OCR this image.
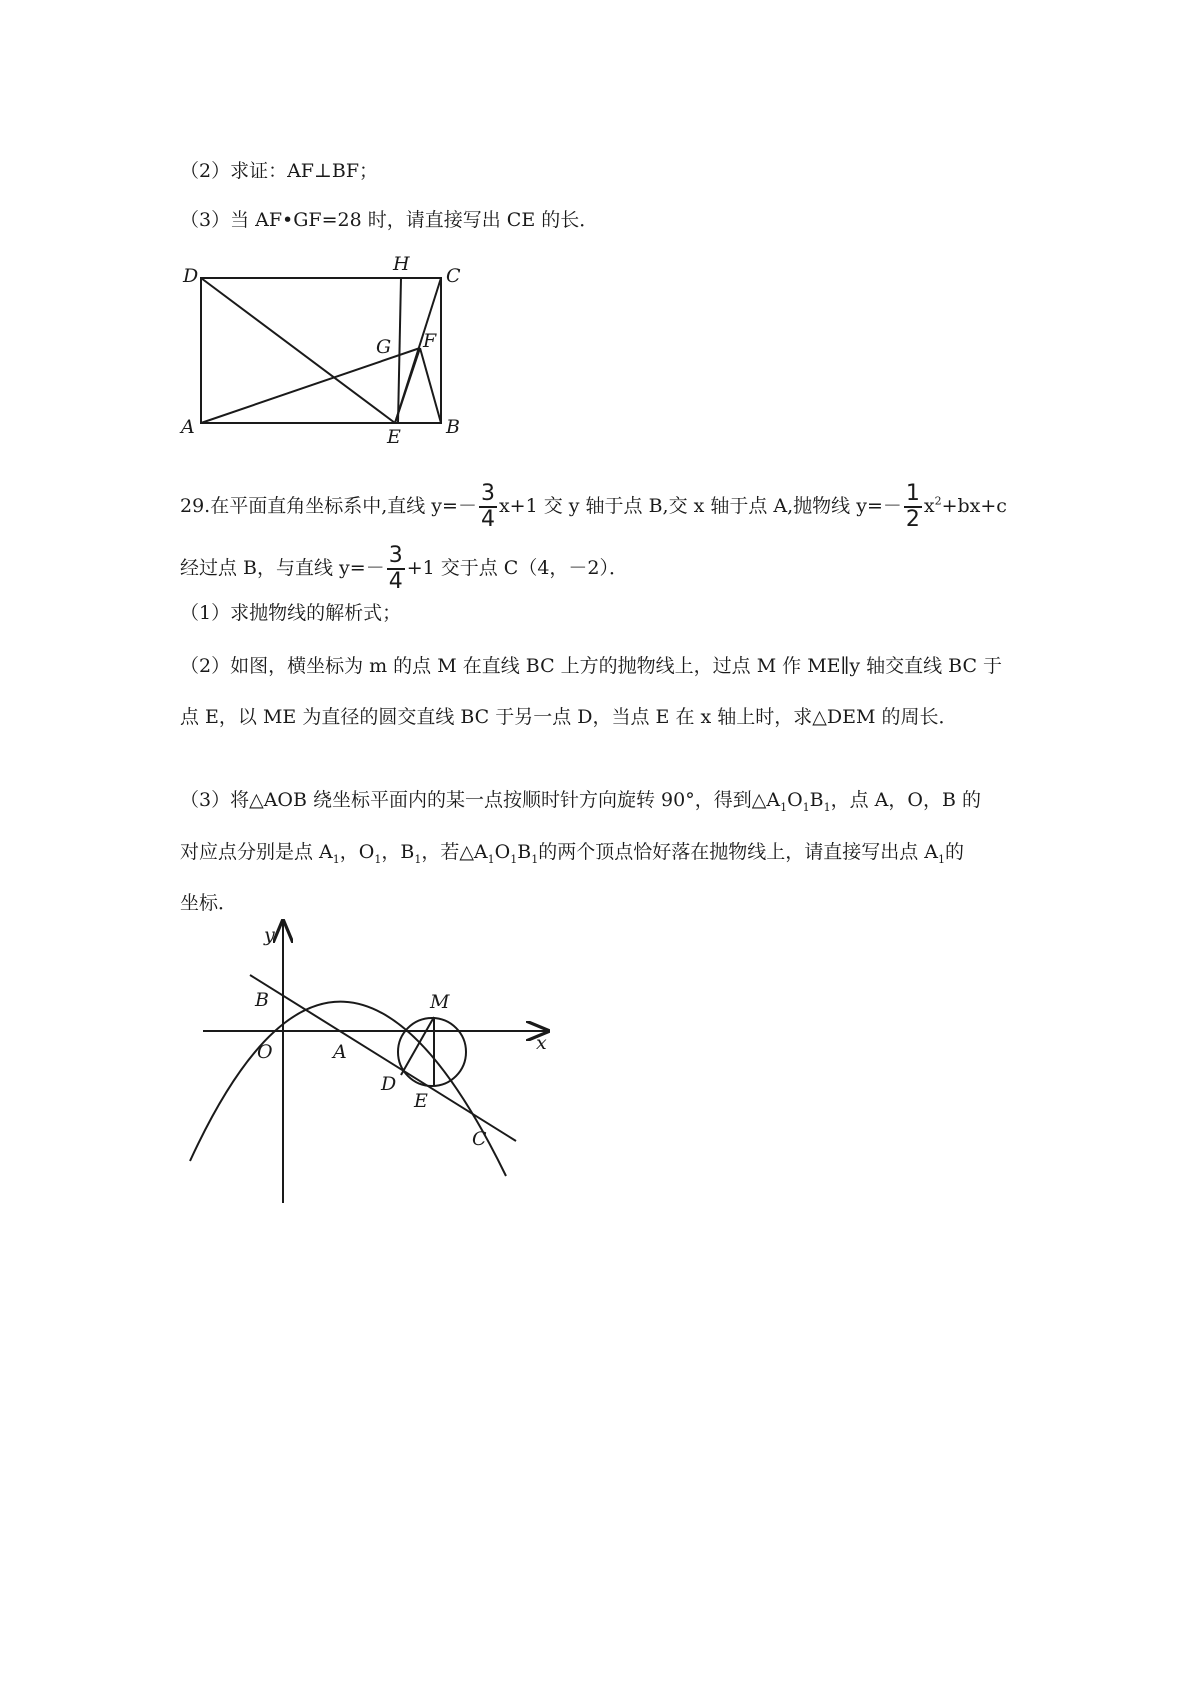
（2）求证：AF⊥BF；
（3）当 AF•GF=28 时，请直接写出 CE 的长．
D
H
C
G F
A	E B
29.在平面直角坐标系中,直线 $y=- \frac{3}{4} x+1$ 交 y 轴于点 B,交 x 轴于点 A,抛物线 $y=- \frac{1}{2} x^2+bx+c$
经过点 B，与直线 $y=- \frac{3}{4} +1$ 交于点 C（4，－2）．
（1）求抛物线的解析式；
（2）如图，横坐标为 m 的点 M 在直线 BC 上方的抛物线上，过点 M 作 ME∥y 轴交直线 BC 于
点 E，以 ME 为直径的圆交直线 BC 于另一点 D，当点 E 在 x 轴上时，求△DEM 的周长．
（3）将△AOB 绕坐标平面内的某一点按顺时针方向旋转 90°，得到$\triangle A_1O_1B_1$，点 A，O，B 的
对应点分别是点 $A_1$，$O_1$，$B_1$，若$\triangle A_1O_1B_1$的两个顶点恰好落在抛物线上，请直接写出点 $A_1$的
坐标．
y
x
B
O	A
M
D
E
C
